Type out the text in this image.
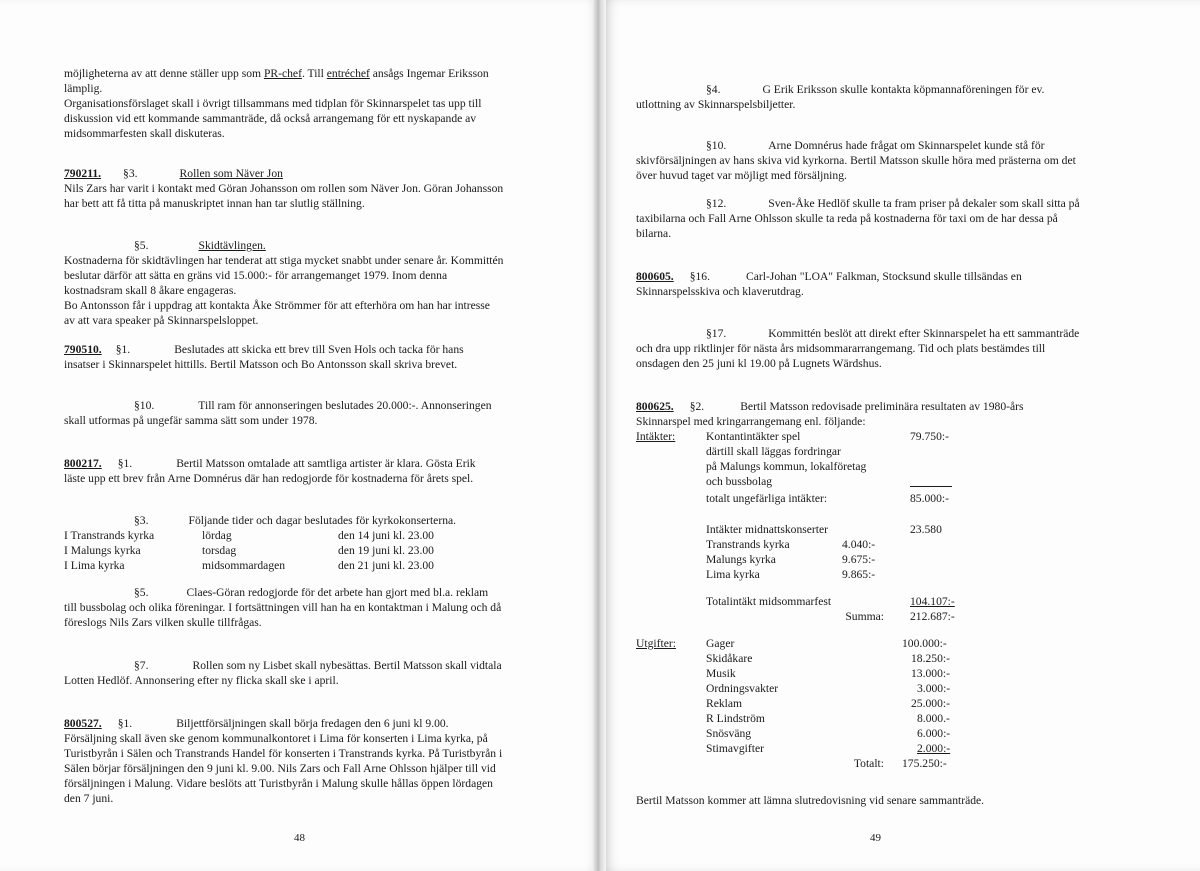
möjligheterna av att denne ställer upp som PR-chef. Till entréchef ansågs Ingemar Eriksson

lämplig.

Organisationsförslaget skall i övrigt tillsammans med tidplan för Skinnarspelet tas upp till

diskussion vid ett kommande sammanträde, då också arrangemang för ett nyskapande av

midsommarfesten skall diskuteras.

790211. §3.	Rollen som Näver Jon

Nils Zars har varit i kontakt med Göran Johansson om rollen som Näver Jon. Göran Johansson

har bett att få titta på manuskriptet innan han tar slutlig ställning.

§5.	Skidtävlingen.

Kostnaderna för skidtävlingen har tenderat att stiga mycket snabbt under senare år. Kommittén

beslutar därför att sätta en gräns vid 15.000:- för arrangemanget 1979. Inom denna

kostnadsram skall 8 åkare engageras.

Bo Antonsson får i uppdrag att kontakta Åke Strömmer för att efterhöra om han har intresse

av att vara speaker på Skinnarspelsloppet.

790510. §1.	Beslutades att skicka ett brev till Sven Hols och tacka för hans

insatser i Skinnarspelet hittills. Bertil Matsson och Bo Antonsson skall skriva brevet.

§10.	Till ram för annonseringen beslutades 20.000:-. Annonseringen

skall utformas på ungefär samma sätt som under 1978.

800217. §1.	Bertil Matsson omtalade att samtliga artister är klara. Gösta Erik

läste upp ett brev från Arne Domnérus där han redogjorde för kostnaderna för årets spel.

§3.	Följande tider och dagar beslutades för kyrkokonserterna.

I Transtrands kyrka	lördag	den 14 juni kl. 23.00
I Malungs kyrka	torsdag	den 19 juni kl. 23.00
I Lima kyrka	midsommardagen	den 21 juni kl. 23.00

§5.	Claes-Göran redogjorde för det arbete han gjort med bl.a. reklam

till bussbolag och olika föreningar. I fortsättningen vill han ha en kontaktman i Malung och då

föreslogs Nils Zars vilken skulle tillfrågas.

§7.	Rollen som ny Lisbet skall nybesättas. Bertil Matsson skall vidtala

Lotten Hedlöf. Annonsering efter ny flicka skall ske i april.

800527. §1.	Biljettförsäljningen skall börja fredagen den 6 juni kl 9.00.

Försäljning skall även ske genom kommunalkontoret i Lima för konserten i Lima kyrka, på

Turistbyrån i Sälen och Transtrands Handel för konserten i Transtrands kyrka. På Turistbyrån i

Sälen börjar försäljningen den 9 juni kl. 9.00. Nils Zars och Fall Arne Ohlsson hjälper till vid

försäljningen i Malung. Vidare beslöts att Turistbyrån i Malung skulle hållas öppen lördagen

den 7 juni.

48

§4.	G Erik Eriksson skulle kontakta köpmannaföreningen för ev.

utlottning av Skinnarspelsbiljetter.

§10.	Arne Domnérus hade frågat om Skinnarspelet kunde stå för

skivförsäljningen av hans skiva vid kyrkorna. Bertil Matsson skulle höra med prästerna om det

över huvud taget var möjligt med försäljning.

§12.	Sven-Åke Hedlöf skulle ta fram priser på dekaler som skall sitta på

taxibilarna och Fall Arne Ohlsson skulle ta reda på kostnaderna för taxi om de har dessa på

bilarna.

800605. §16.	Carl-Johan "LOA" Falkman, Stocksund skulle tillsändas en

Skinnarspelsskiva och klaverutdrag.

§17.	Kommittén beslöt att direkt efter Skinnarspelet ha ett sammanträde

och dra upp riktlinjer för nästa års midsommararrangemang. Tid och plats bestämdes till

onsdagen den 25 juni kl 19.00 på Lugnets Wärdshus.

800625. §2.	Bertil Matsson redovisade preliminära resultaten av 1980-års

Skinnarspel med kringarrangemang enl. följande:

Intäkter:	Kontantintäkter spel	79.750:-
	därtill skall läggas fordringar	
	på Malungs kommun, lokalföretag	
	och bussbolag	
	totalt ungefärliga intäkter:	85.000:-

	Intäkter midnattskonserter	23.580
	Transtrands kyrka 4.040:-	
	Malungs kyrka 9.675:-	
	Lima kyrka 9.865:-	

	Totalintäkt midsommarfest	104.107:-
	Summa:	212.687:-
Utgifter:	Gager	100.000:-
	Skidåkare	18.250:-
	Musik	13.000:-
	Ordningsvakter	3.000:-
	Reklam	25.000:-
	R Lindström	8.000.-
	Snösväng	6.000:-
	Stimavgifter	2.000:-
	Totalt:	175.250:-

Bertil Matsson kommer att lämna slutredovisning vid senare sammanträde.

49
